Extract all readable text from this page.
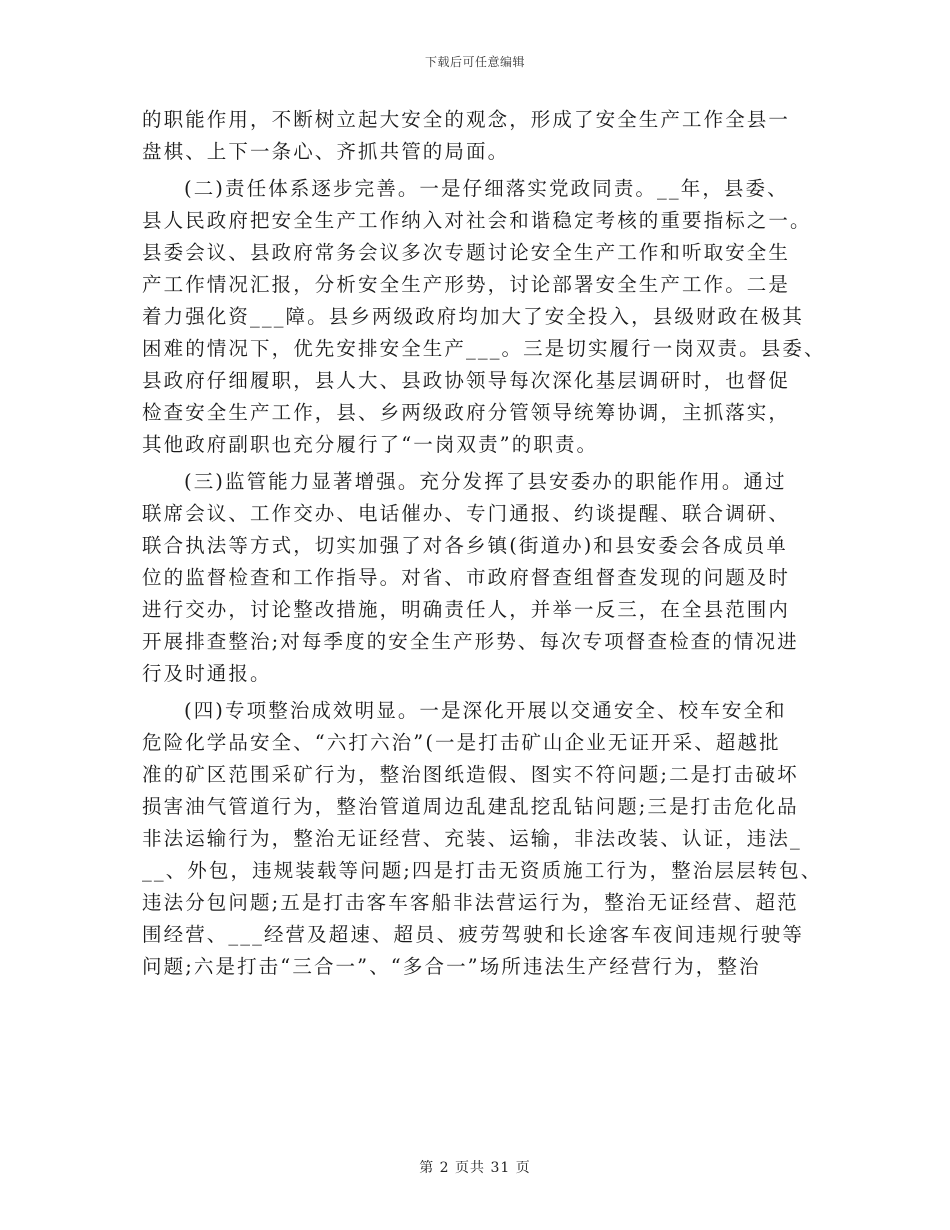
下载后可任意编辑
的职能作用，不断树立起大安全的观念，形成了安全生产工作全县一
盘棋、上下一条心、齐抓共管的局面。
(二)责任体系逐步完善。一是仔细落实党政同责。__年，县委、
县人民政府把安全生产工作纳入对社会和谐稳定考核的重要指标之一。
县委会议、县政府常务会议多次专题讨论安全生产工作和听取安全生
产工作情况汇报，分析安全生产形势，讨论部署安全生产工作。二是
着力强化资___障。县乡两级政府均加大了安全投入，县级财政在极其
困难的情况下，优先安排安全生产___。三是切实履行一岗双责。县委、
县政府仔细履职，县人大、县政协领导每次深化基层调研时，也督促
检查安全生产工作，县、乡两级政府分管领导统筹协调，主抓落实，
其他政府副职也充分履行了“一岗双责”的职责。
(三)监管能力显著增强。充分发挥了县安委办的职能作用。通过
联席会议、工作交办、电话催办、专门通报、约谈提醒、联合调研、
联合执法等方式，切实加强了对各乡镇(街道办)和县安委会各成员单
位的监督检查和工作指导。对省、市政府督查组督查发现的问题及时
进行交办，讨论整改措施，明确责任人，并举一反三，在全县范围内
开展排查整治;对每季度的安全生产形势、每次专项督查检查的情况进
行及时通报。
(四)专项整治成效明显。一是深化开展以交通安全、校车安全和
危险化学品安全、“六打六治”(一是打击矿山企业无证开采、超越批
准的矿区范围采矿行为，整治图纸造假、图实不符问题;二是打击破坏
损害油气管道行为，整治管道周边乱建乱挖乱钻问题;三是打击危化品
非法运输行为，整治无证经营、充装、运输，非法改装、认证，违法_
__、外包，违规装载等问题;四是打击无资质施工行为，整治层层转包、
违法分包问题;五是打击客车客船非法营运行为，整治无证经营、超范
围经营、___经营及超速、超员、疲劳驾驶和长途客车夜间违规行驶等
问题;六是打击“三合一”、“多合一”场所违法生产经营行为，整治
第 2 页共 31 页
